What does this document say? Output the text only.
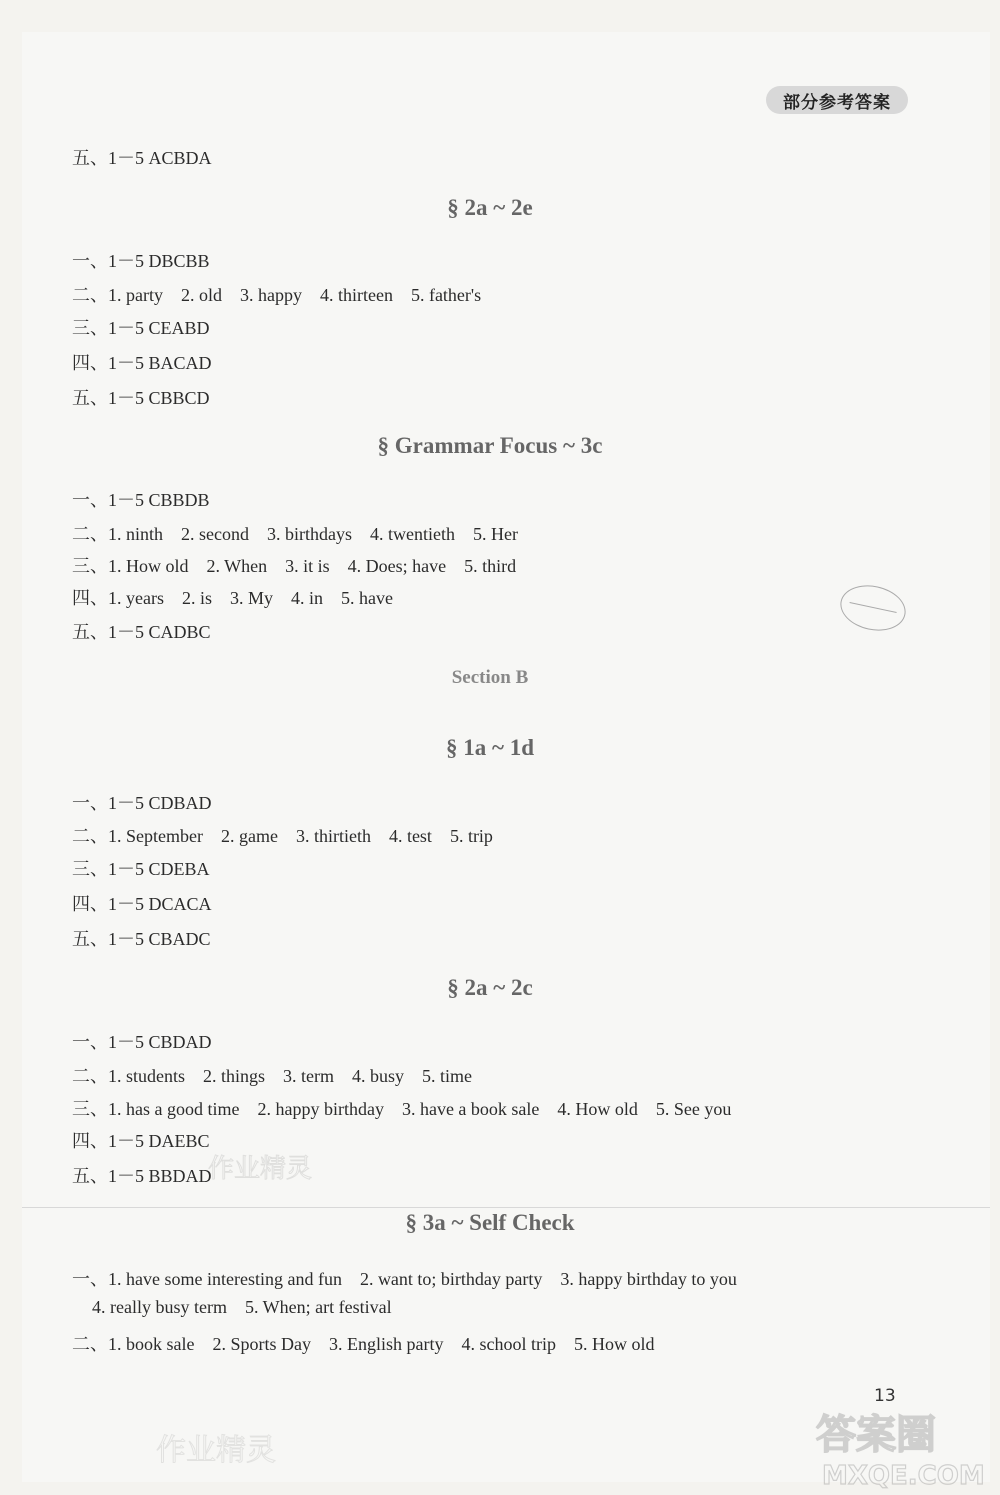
部分参考答案
五、1－5 ACBDA
§ 2a ~ 2e
一、1－5 DBCBB
二、1. party    2. old    3. happy    4. thirteen    5. father's
三、1－5 CEABD
四、1－5 BACAD
五、1－5 CBBCD
§ Grammar Focus ~ 3c
一、1－5 CBBDB
二、1. ninth    2. second    3. birthdays    4. twentieth    5. Her
三、1. How old    2. When    3. it is    4. Does; have    5. third
四、1. years    2. is    3. My    4. in    5. have
五、1－5 CADBC
Section B
§ 1a ~ 1d
一、1－5 CDBAD
二、1. September    2. game    3. thirtieth    4. test    5. trip
三、1－5 CDEBA
四、1－5 DCACA
五、1－5 CBADC
§ 2a ~ 2c
一、1－5 CBDAD
二、1. students    2. things    3. term    4. busy    5. time
三、1. has a good time    2. happy birthday    3. have a book sale    4. How old    5. See you
四、1－5 DAEBC
五、1－5 BBDAD
§ 3a ~ Self Check
一、1. have some interesting and fun    2. want to; birthday party    3. happy birthday to you
4. really busy term    5. When; art festival
二、1. book sale    2. Sports Day    3. English party    4. school trip    5. How old
作业精灵
作业精灵
13
答案圈
MXQE.COM
